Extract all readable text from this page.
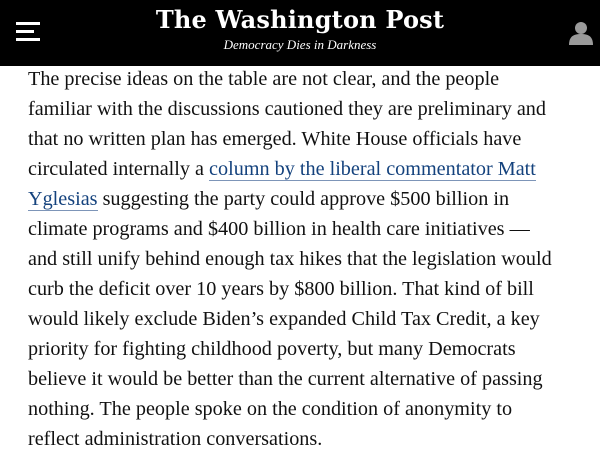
The Washington Post
Democracy Dies in Darkness
The precise ideas on the table are not clear, and the people
familiar with the discussions cautioned they are preliminary and
that no written plan has emerged. White House officials have
circulated internally a column by the liberal commentator Matt
Yglesias suggesting the party could approve $500 billion in
climate programs and $400 billion in health care initiatives —
and still unify behind enough tax hikes that the legislation would
curb the deficit over 10 years by $800 billion. That kind of bill
would likely exclude Biden’s expanded Child Tax Credit, a key
priority for fighting childhood poverty, but many Democrats
believe it would be better than the current alternative of passing
nothing. The people spoke on the condition of anonymity to
reflect administration conversations.
